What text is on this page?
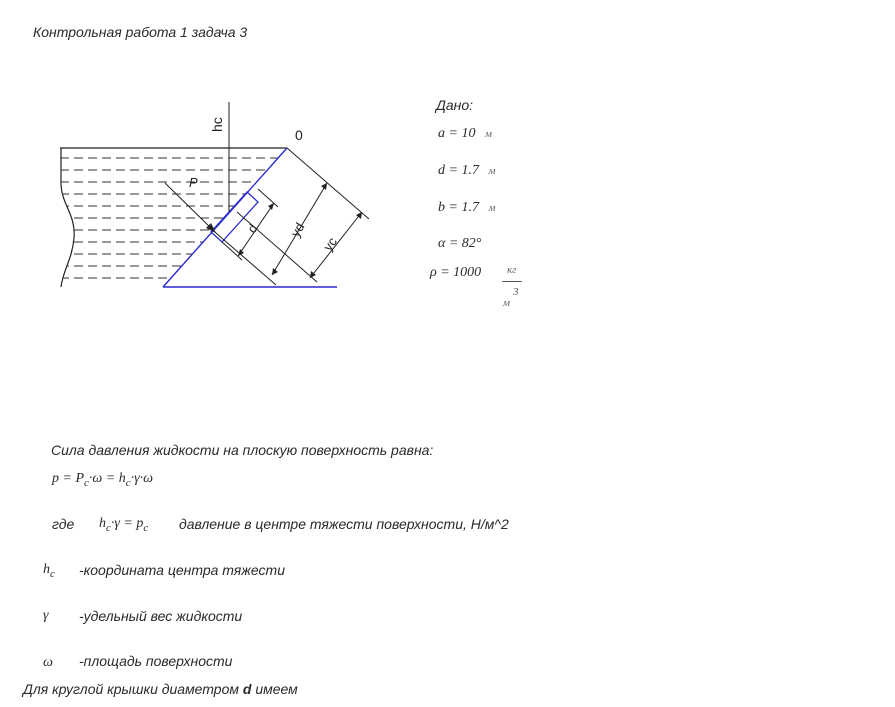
Контрольная работа 1 задача 3
hc
0
P
d yd
yc
Дано:
a = 10 м
d = 1.7 м
b = 1.7 м
α = 82°
ρ = 1000 кг
м
3
Сила давления жидкости на плоскую поверхность равна:
$p = P_c\cdot\omega = h_c\cdot\gamma\cdot\omega$
где $h_c\cdot\gamma = p_c$ давление в центре тяжести поверхности, Н/м^2
$h_c$ -координата центра тяжести
γ -удельный вес жидкости
ω -площадь поверхности
Для круглой крышки диаметром d имеем
